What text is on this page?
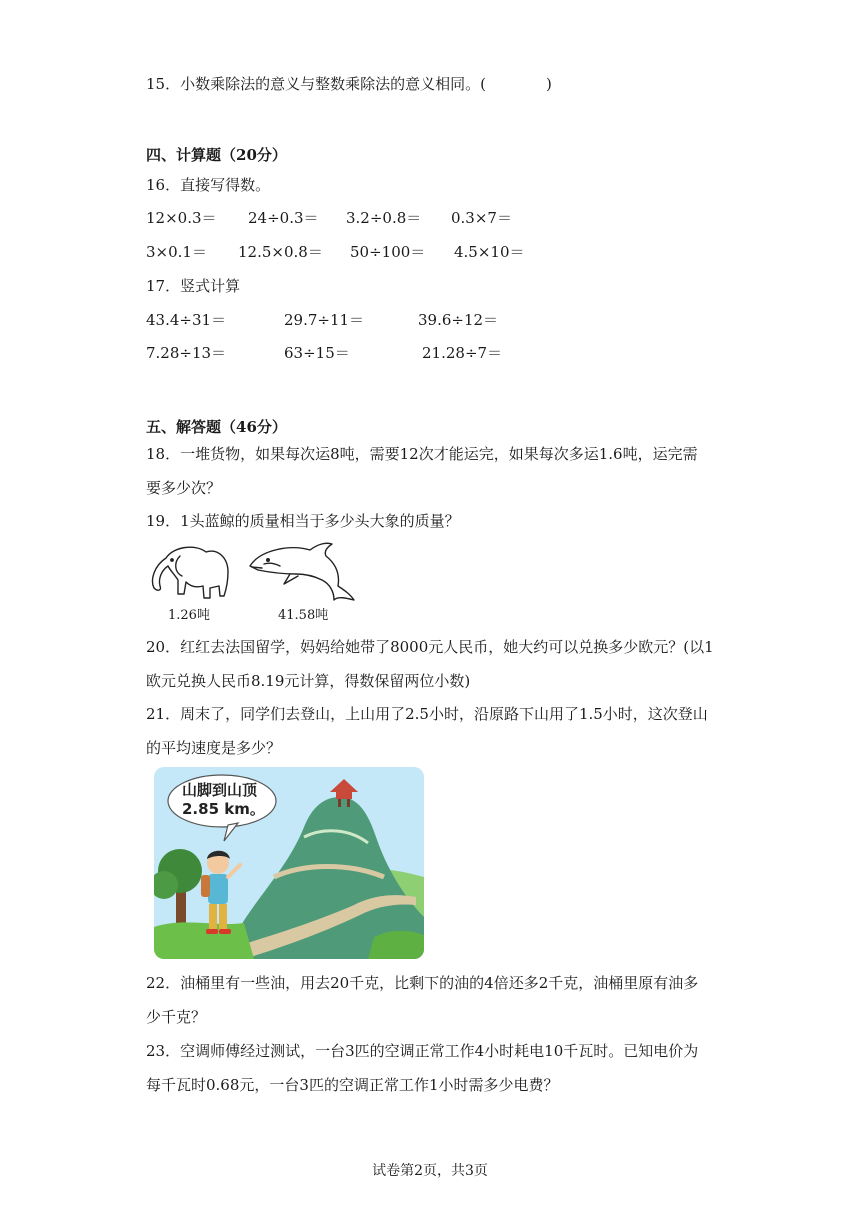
15．小数乘除法的意义与整数乘除法的意义相同。(　　　　)
四、计算题（20分）
16．直接写得数。
12×0.3＝ 24÷0.3＝ 3.2÷0.8＝ 0.3×7＝
3×0.1＝ 12.5×0.8＝ 50÷100＝ 4.5×10＝
17．竖式计算
43.4÷31＝	29.7÷11＝	39.6÷12＝
7.28÷13＝	63÷15＝	21.28÷7＝
五、解答题（46分）
18．一堆货物，如果每次运8吨，需要12次才能运完，如果每次多运1.6吨，运完需
要多少次？
19．1头蓝鲸的质量相当于多少头大象的质量？
1.26吨	41.58吨
20．红红去法国留学，妈妈给她带了8000元人民币，她大约可以兑换多少欧元？(以1
欧元兑换人民币8.19元计算，得数保留两位小数)
21．周末了，同学们去登山，上山用了2.5小时，沿原路下山用了1.5小时，这次登山
的平均速度是多少？
山脚到山顶
2.85 km。
22．油桶里有一些油，用去20千克，比剩下的油的4倍还多2千克，油桶里原有油多
少千克？
23．空调师傅经过测试，一台3匹的空调正常工作4小时耗电10千瓦时。已知电价为
每千瓦时0.68元，一台3匹的空调正常工作1小时需多少电费？
试卷第2页，共3页
